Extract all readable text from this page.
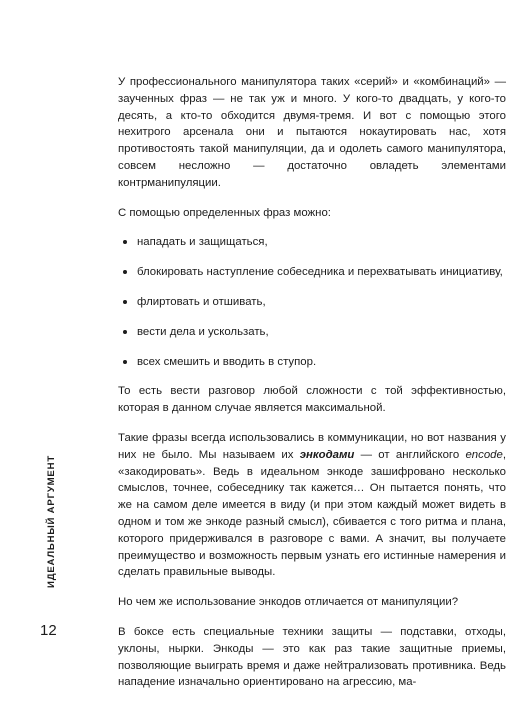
У профессионального манипулятора таких «серий» и «комбинаций» — заученных фраз — не так уж и много. У кого-то двадцать, у кого-то десять, а кто-то обходится двумя-тремя. И вот с помощью этого нехитрого арсенала они и пытаются нокаутировать нас, хотя противостоять такой манипуляции, да и одолеть самого манипулятора, совсем несложно — достаточно овладеть элементами контрманипуляции.

С помощью определенных фраз можно:

нападать и защищаться,
блокировать наступление собеседника и перехватывать инициативу,
флиртовать и отшивать,
вести дела и ускользать,
всех смешить и вводить в ступор.

То есть вести разговор любой сложности с той эффективностью, которая в данном случае является максимальной.

Такие фразы всегда использовались в коммуникации, но вот названия у них не было. Мы называем их энкодами — от английского encode, «закодировать». Ведь в идеальном энкоде зашифровано несколько смыслов, точнее, собеседнику так кажется… Он пытается понять, что же на самом деле имеется в виду (и при этом каждый может видеть в одном и том же энкоде разный смысл), сбивается с того ритма и плана, которого придерживался в разговоре с вами. А значит, вы получаете преимущество и возможность первым узнать его истинные намерения и сделать правильные выводы.

Но чем же использование энкодов отличается от манипуляции?

В боксе есть специальные техники защиты — подставки, отходы, уклоны, нырки. Энкоды — это как раз такие защитные приемы, позволяющие выиграть время и даже нейтрализовать противника. Ведь нападение изначально ориентировано на агрессию, ма-

ИДЕАЛЬНЫЙ АРГУМЕНТ
12
